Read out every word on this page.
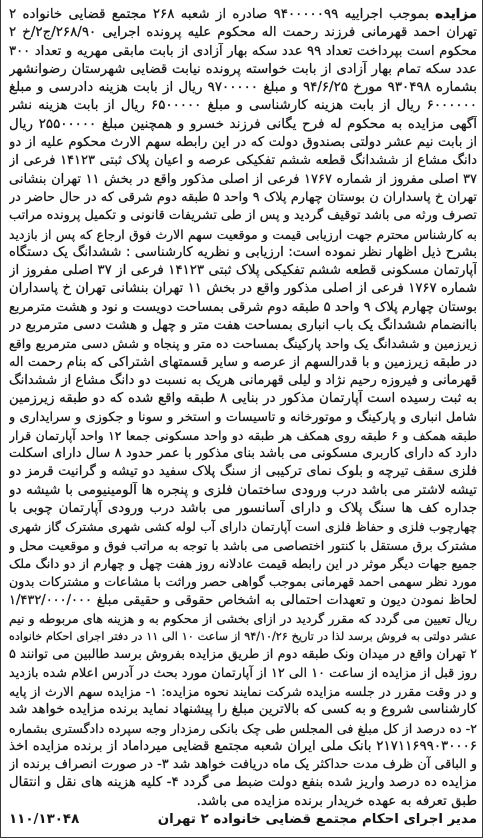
مزایده بموجب اجراییه ۹۴۰۰۰۰۰۹۹ صادره از شعبه ۲۶۸ مجتمع قضایی خانواده ۲
تهران احمد قهرمانی فرزند رحمت اله محکوم علیه پرونده اجرایی ۲۶۸/۹۰/ج۲/خ ۲
محکوم است بپرداخت تعداد ۹۹ عدد سکه بهار آزادی از بابت مابقی مهریه و تعداد ۳۰۰
عدد سکه تمام بهار آزادی از بابت خواسته پرونده نیابت قضایی شهرستان رضوانشهر
بشماره ۹۳۰۴۹۸ مورخ ۹۴/۶/۲۵ و مبلغ ۹۷۰۰۰۰۰ ریال از بابت هزینه دادرسی و مبلغ
۶۰۰۰۰۰۰ ریال از بابت هزینه کارشناسی و مبلغ ۶۵۰۰۰۰۰ ریال از بابت هزینه نشر
آگهی مزایده به محکوم له فرح یگانی فرزند خسرو و همچنین مبلغ ۲۵۵۰۰۰۰۰ ریال
از بابت نیم عشر دولتی بصندوق دولت که در این رابطه سهم الارث محکوم علیه از دو
دانگ مشاع از ششدانگ قطعه ششم تفکیکی عرصه و اعیان پلاک ثبتی ۱۴۱۲۳ فرعی از
۳۷ اصلی مفروز از شماره ۱۷۶۷ فرعی از اصلی مذکور واقع در بخش ۱۱ تهران بنشانی
تهران خ پاسداران ن بوستان چهارم پلاک ۹ واحد ۵ طبقه دوم شرقی که در حال حاضر در
تصرف ورثه می باشد توقیف گردید و پس از طی تشریفات قانونی و تکمیل پرونده مراتب
به کارشناس محترم جهت ارزیابی قیمت و موقعیت سهم الارث فوق ارجاع که پس از بازدید
بشرح ذیل اظهار نظر نموده است: ارزیابی و نظریه کارشناسی : ششدانگ یک دستگاه
آپارتمان مسکونی قطعه ششم تفکیکی پلاک ثبتی ۱۴۱۲۳ فرعی از ۳۷ اصلی مفروز از
شماره ۱۷۶۷ فرعی از اصلی مذکور واقع در بخش ۱۱ تهران بنشانی تهران خ پاسداران
بوستان چهارم پلاک ۹ واحد ۵ طبقه دوم شرقی بمساحت دویست و نود و هشت مترمربع
باانضمام ششدانگ یک باب انباری بمساحت هفت متر و چهل و هشت دسی مترمربع در
زیرزمین و ششدانگ یک واحد پارکینگ بمساحت ده متر و پنجاه و شش دسی مترمربع واقع
در طبقه زیرزمین و با قدرالسهم از عرصه و سایر قسمتهای اشتراکی که بنام رحمت اله
قهرمانی و فیروزه رحیم نژاد و لیلی قهرمانی هریک به نسبت دو دانگ مشاع از ششدانگ
به ثبت رسیده است آپارتمان مذکور در بنایی ۸ طبقه واقع شده که دو طبقه زیرزمین
شامل انباری و پارکینگ و موتورخانه و تاسیسات و استخر و سونا و جکوزی و سرایداری و
طبقه همکف و ۶ طبقه روی همکف هر طبقه دو واحد مسکونی جمعا ۱۲ واحد آپارتمان قرار
دارد که دارای کاربری مسکونی می باشد بنای مذکور با عمر حدود ۸ سال دارای اسکلت
فلزی سقف تیرچه و بلوک نمای ترکیبی از سنگ پلاک سفید دو تیشه و گرانیت قرمز دو
تیشه لاشتر می باشد درب ورودی ساختمان فلزی و پنجره ها آلومینیومی با شیشه دو
جداره کف ها سنگ پلاک و دارای آسانسور می باشد درب ورودی آپارتمان چوبی با
چهارچوب فلزی و حفاظ فلزی است آپارتمان دارای آب لوله کشی شهری مشترک گاز شهری
مشترک برق مستقل با کنتور اختصاصی می باشد با توجه به مراتب فوق و موقعیت محل و
جمیع جهات دیگر موثر در این رابطه قیمت عادلانه روز هفت چهل و چهارم از دو دانگ ملک
مورد نظر سهمی احمد قهرمانی بموجب گواهی حصر وراثت با مشاعات و مشترکات بدون
لحاظ نمودن دیون و تعهدات احتمالی به اشخاص حقوقی و حقیقی مبلغ ۱/۴۳۲/۰۰۰/۰۰۰
ریال تعیین می گردد که مقرر گردید در ازای بخشی از محکوم به و هزینه های مربوطه و نیم
عشر دولتی به فروش برسد لذا در تاریخ ۹۴/۱۰/۲۶ از ساعت ۱۰ الی ۱۱ در دفتر اجرای احکام خانواده
۲ تهران واقع در میدان ونک طبقه دوم از طریق مزایده بفروش برسد طالبین می توانند ۵
روز قبل از مزایده از ساعت ۱۰ الی ۱۲ از آپارتمان مورد بحث در آدرس اعلام شده بازدید
و در وقت مقرر در جلسه مزایده شرکت نمایند نحوه مزایده: ۱- مزایده سهم الارث از پایه
کارشناسی شروع و به کسی که بالاترین مبلغ را پیشنهاد نماید برنده مزایده خواهد شد
۲- ده درصد از کل مبلغ فی المجلس طی چک بانکی رمزدار وجه سپرده دادگستری بشماره
۲۱۷۱۱۶۹۹۰۳۰۰۰۶ بانک ملی ایران شعبه مجتمع قضایی میرداماد از برنده مزایده اخذ
و الباقی آن ظرف مدت حداکثر یک ماه دریافت خواهد شد ۳- در صورت انصراف برنده از
مزایده ده درصد واریز شده بنفع دولت ضبط می گردد ۴- کلیه هزینه های نقل و انتقال
طبق تعرفه به عهده خریدار برنده مزایده می باشد.
مدیر اجرای احکام مجتمع قضایی خانواده ۲ تهران
۱۱۰/۱۳۰۴۸
